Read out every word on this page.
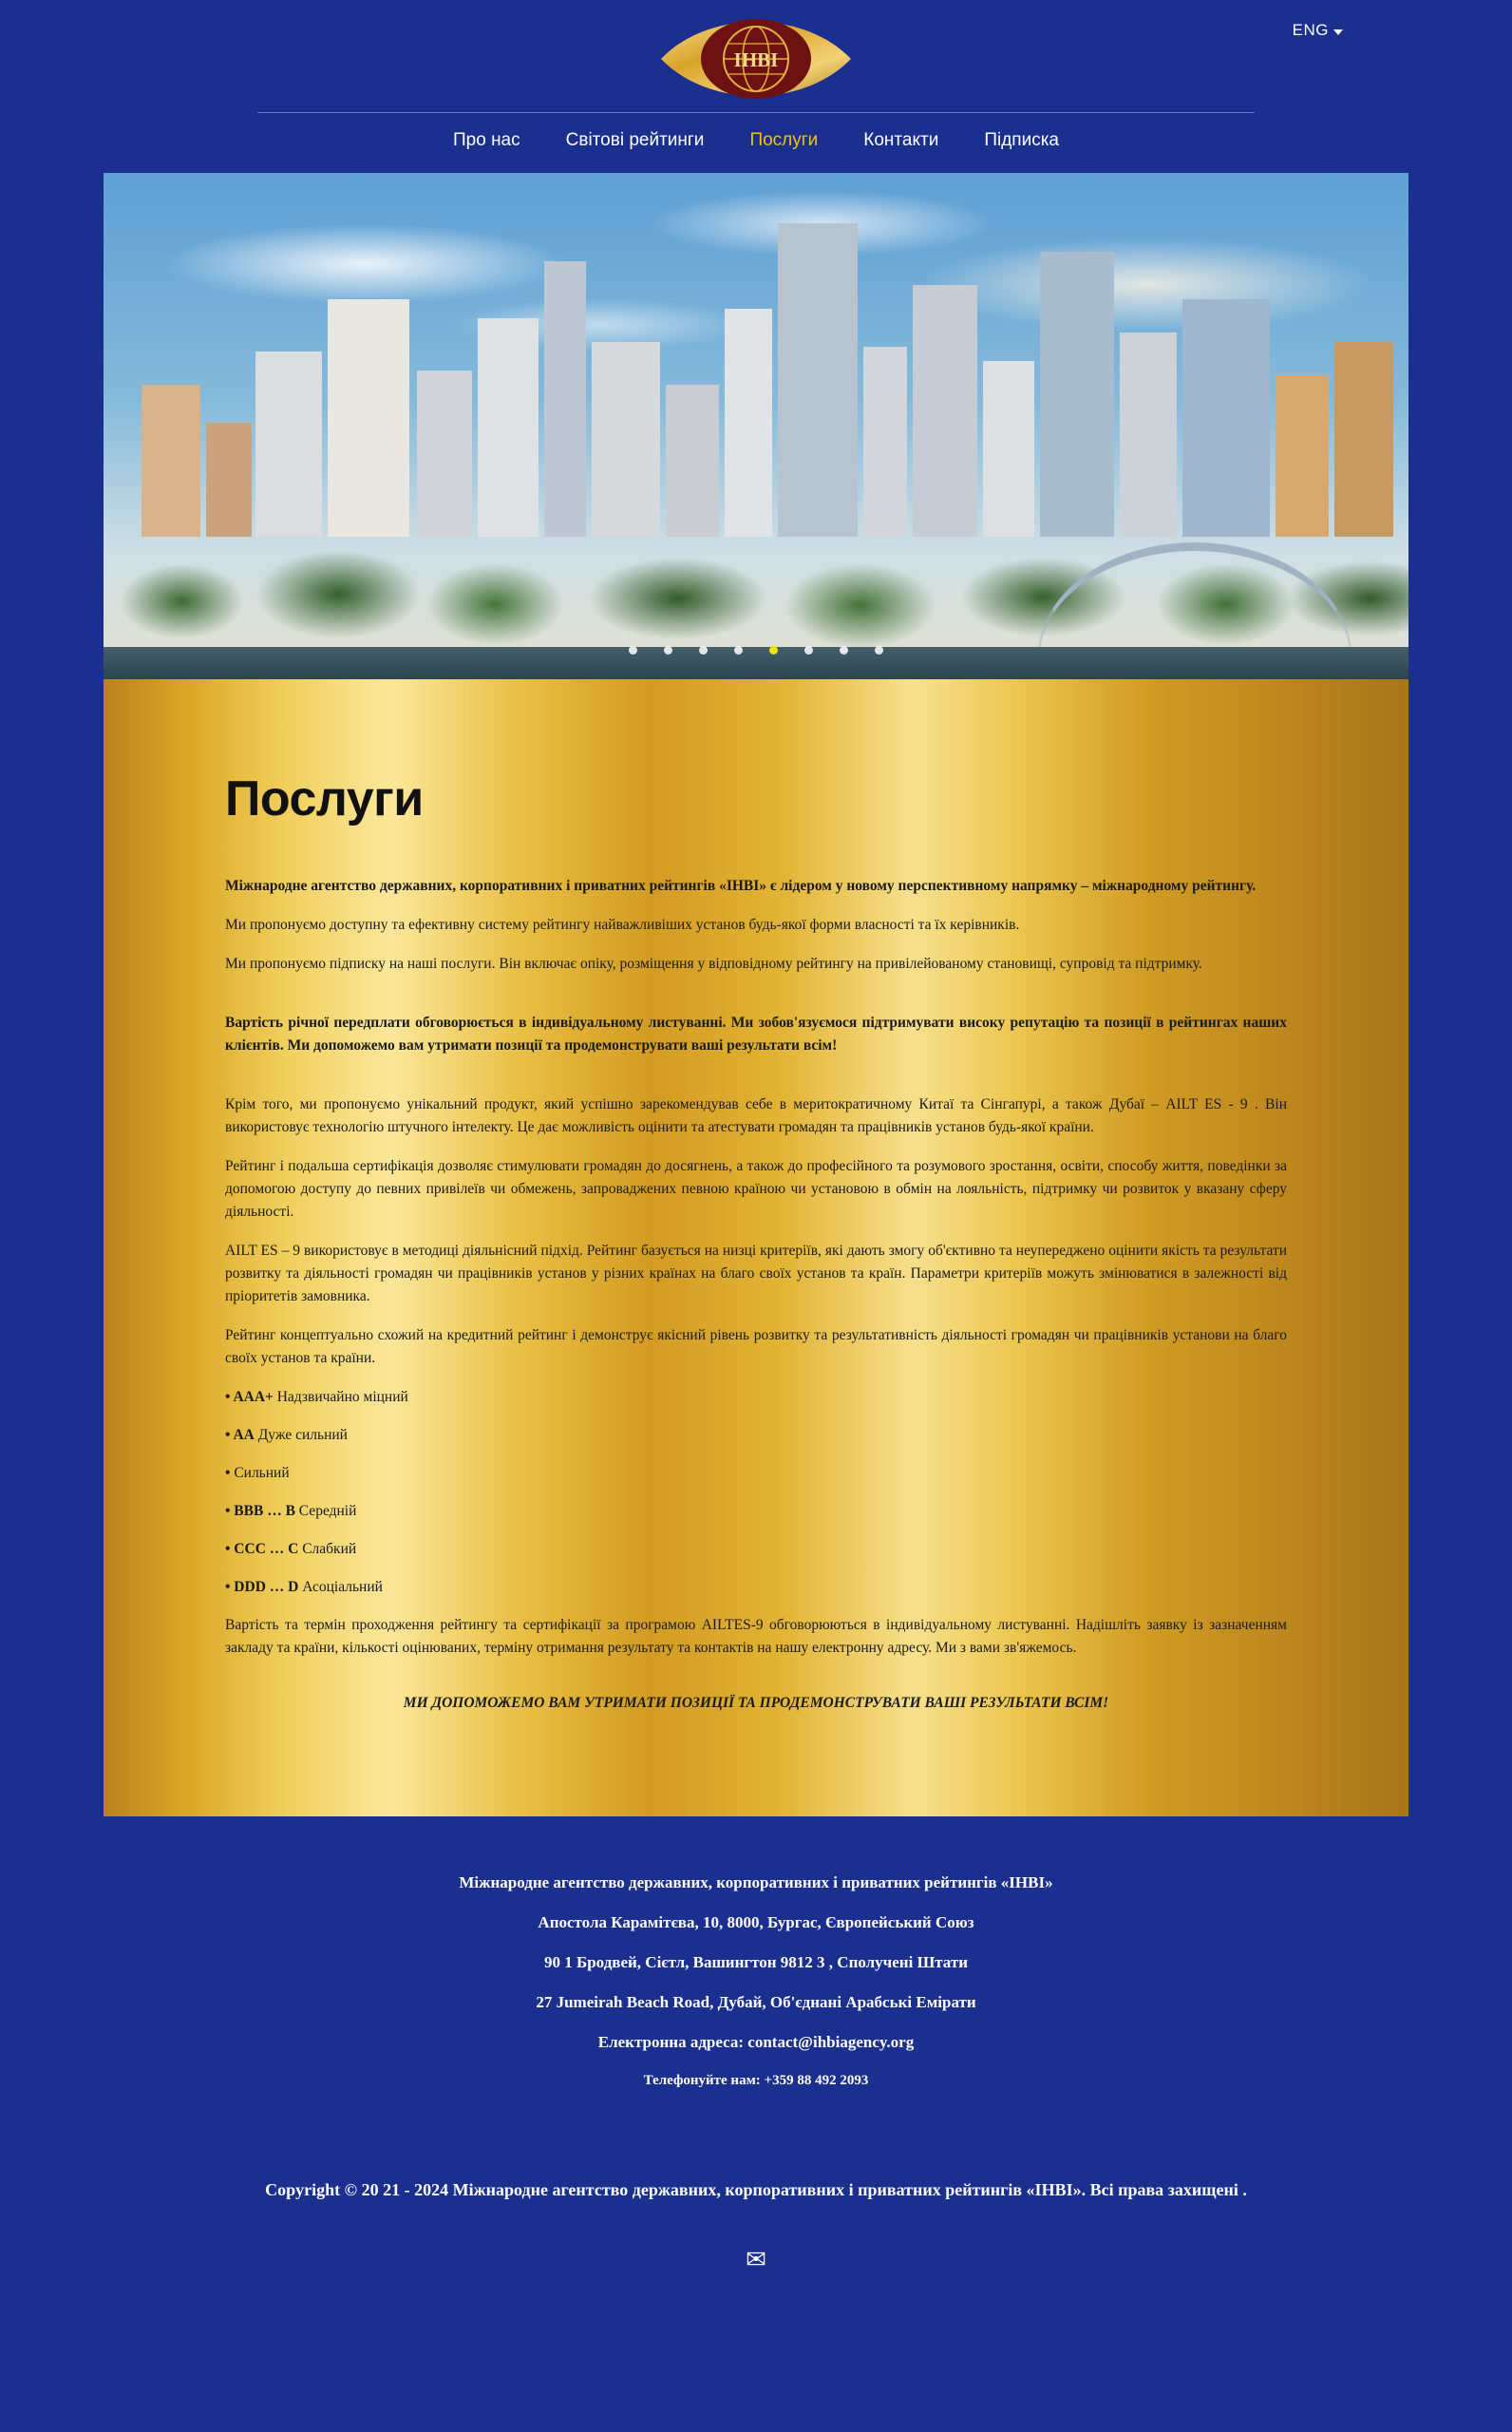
ENG
ІНВІ
Про нас	Світові рейтинги	Послуги	Контакти	Підписка
Послуги

Міжнародне агентство державних, корпоративних і приватних рейтингів «ІНВІ» є лідером у новому перспективному напрямку – міжнародному рейтингу.

Ми пропонуємо доступну та ефективну систему рейтингу найважливіших установ будь-якої форми власності та їх керівників.

Ми пропонуємо підписку на наші послуги. Він включає опіку, розміщення у відповідному рейтингу на привілейованому становищі, супровід та підтримку.

Вартість річної передплати обговорюється в індивідуальному листуванні. Ми зобов'язуємося підтримувати високу репутацію та позиції в рейтингах наших клієнтів. Ми допоможемо вам утримати позиції та продемонструвати ваші результати всім!

Крім того, ми пропонуємо унікальний продукт, який успішно зарекомендував себе в меритократичному Китаї та Сінгапурі, а також Дубаї – AILT ES - 9 . Він використовує технологію штучного інтелекту. Це дає можливість оцінити та атестувати громадян та працівників установ будь-якої країни.

Рейтинг і подальша сертифікація дозволяє стимулювати громадян до досягнень, а також до професійного та розумового зростання, освіти, способу життя, поведінки за допомогою доступу до певних привілеїв чи обмежень, запроваджених певною країною чи установою в обмін на лояльність, підтримку чи розвиток у вказану сферу діяльності.

AILT ES – 9 використовує в методиці діяльнісний підхід. Рейтинг базується на низці критеріїв, які дають змогу об'єктивно та неупереджено оцінити якість та результати розвитку та діяльності громадян чи працівників установ у різних країнах на благо своїх установ та країн. Параметри критеріїв можуть змінюватися в залежності від пріоритетів замовника.

Рейтинг концептуально схожий на кредитний рейтинг і демонструє якісний рівень розвитку та результативність діяльності громадян чи працівників установи на благо своїх установ та країни.

• AAA+ Надзвичайно міцний

• AA Дуже сильний

• Сильний

• BBB … B Середній

• CCC … C Слабкий

• DDD … D Асоціальний

Вартість та термін проходження рейтингу та сертифікації за програмою AILTES-9 обговорюються в індивідуальному листуванні. Надішліть заявку із зазначенням закладу та країни, кількості оцінюваних, терміну отримання результату та контактів на нашу електронну адресу. Ми з вами зв'яжемось.

МИ ДОПОМОЖЕМО ВАМ УТРИМАТИ ПОЗИЦІЇ ТА ПРОДЕМОНСТРУВАТИ ВАШІ РЕЗУЛЬТАТИ ВСІМ!

Міжнародне агентство державних, корпоративних і приватних рейтингів «ІНВІ»

Апостола Карамітєва, 10, 8000, Бургас, Європейський Союз

90 1 Бродвей, Сієтл, Вашингтон 9812 3 , Сполучені Штати

27 Jumeirah Beach Road, Дубай, Об'єднані Арабські Емірати

Електронна адреса: contact@ihbiagency.org

Телефонуйте нам: +359 88 492 2093

Copyright © 20 21 - 2024 Міжнародне агентство державних, корпоративних і приватних рейтингів «ІНВІ». Всі права захищені .

✉
